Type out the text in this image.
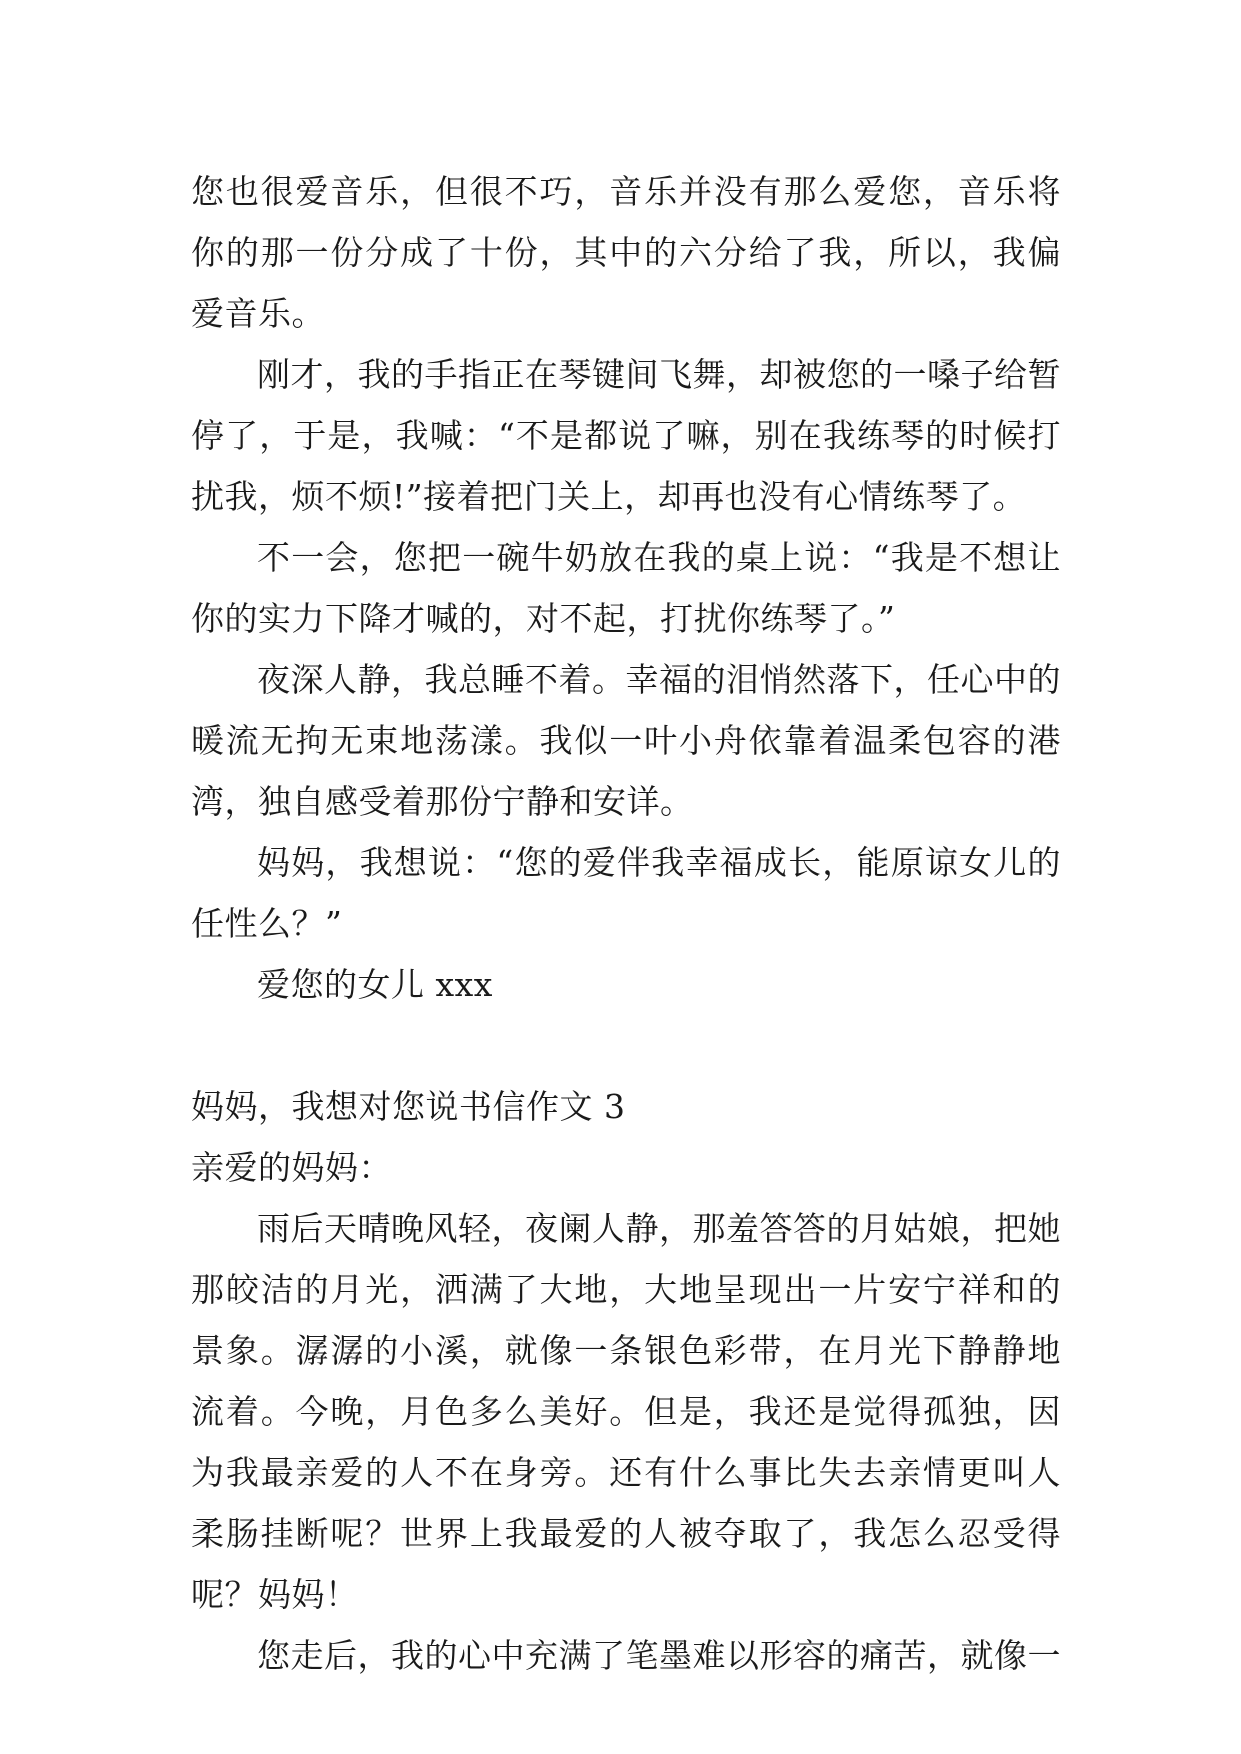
您也很爱音乐，但很不巧，音乐并没有那么爱您，音乐将你的那一份分成了十份，其中的六分给了我，所以，我偏爱音乐。

刚才，我的手指正在琴键间飞舞，却被您的一嗓子给暂停了，于是，我喊：“不是都说了嘛，别在我练琴的时候打扰我，烦不烦!”接着把门关上，却再也没有心情练琴了。

不一会，您把一碗牛奶放在我的桌上说：“我是不想让你的实力下降才喊的，对不起，打扰你练琴了。”

夜深人静，我总睡不着。幸福的泪悄然落下，任心中的暖流无拘无束地荡漾。我似一叶小舟依靠着温柔包容的港湾，独自感受着那份宁静和安详。

妈妈，我想说：“您的爱伴我幸福成长，能原谅女儿的任性么？”

爱您的女儿 xxx

妈妈，我想对您说书信作文 3

亲爱的妈妈：

雨后天晴晚风轻，夜阑人静，那羞答答的月姑娘，把她那皎洁的月光，洒满了大地，大地呈现出一片安宁祥和的景象。潺潺的小溪，就像一条银色彩带，在月光下静静地流着。今晚，月色多么美好。但是，我还是觉得孤独，因为我最亲爱的人不在身旁。还有什么事比失去亲情更叫人柔肠挂断呢？世界上我最爱的人被夺取了，我怎么忍受得呢？妈妈！

您走后，我的心中充满了笔墨难以形容的痛苦，就像一
